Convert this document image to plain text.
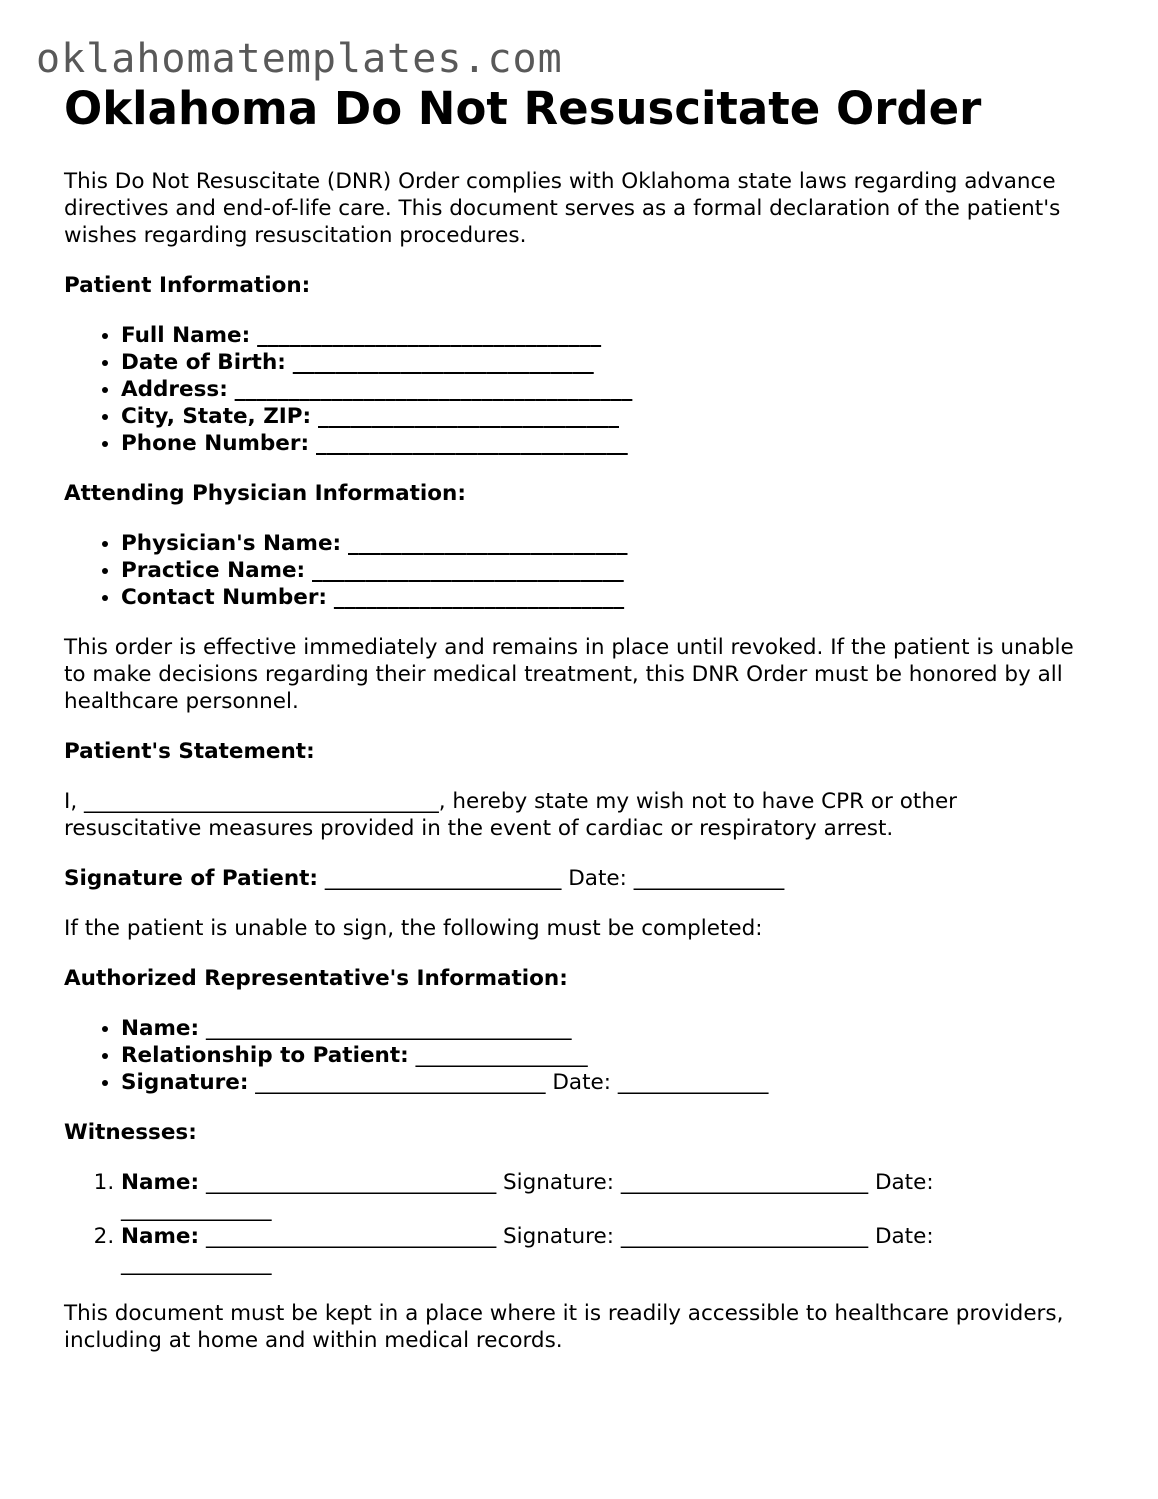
oklahomatemplates.com
Oklahoma Do Not Resuscitate Order

This Do Not Resuscitate (DNR) Order complies with Oklahoma state laws regarding advance directives and end-of-life care. This document serves as a formal declaration of the patient's wishes regarding resuscitation procedures.

Patient Information:

• Full Name: ________________________________
• Date of Birth: ____________________________
• Address: _____________________________________
• City, State, ZIP: ____________________________
• Phone Number: _____________________________

Attending Physician Information:

• Physician's Name: __________________________
• Practice Name: _____________________________
• Contact Number: ___________________________

This order is effective immediately and remains in place until revoked. If the patient is unable to make decisions regarding their medical treatment, this DNR Order must be honored by all healthcare personnel.

Patient's Statement:

I, _________________________________, hereby state my wish not to have CPR or other resuscitative measures provided in the event of cardiac or respiratory arrest.

Signature of Patient: ______________________ Date: ______________

If the patient is unable to sign, the following must be completed:

Authorized Representative's Information:

• Name: __________________________________
• Relationship to Patient: ________________
• Signature: ___________________________ Date: ______________

Witnesses:

1. Name: ___________________________ Signature: _______________________ Date:
______________
2. Name: ___________________________ Signature: _______________________ Date:
______________

This document must be kept in a place where it is readily accessible to healthcare providers, including at home and within medical records.
